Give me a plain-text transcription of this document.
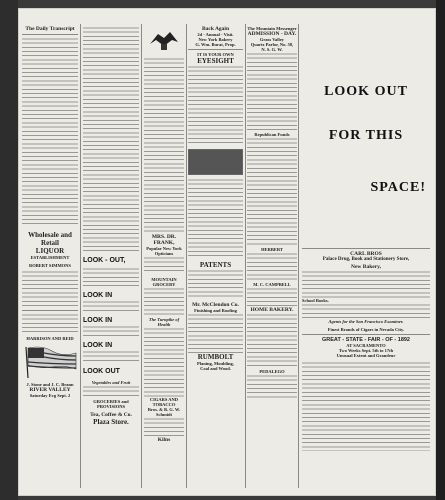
The Daily Transcript
Wholesale and Retail
LIQUOR
ESTABLISHMENT
ROBERT SIMMONS
HARRISON AND REID
J. Stone and J. C. Brann
RIVER VALLEY
Saturday Evg Sept. 2
LOOK - OUT,
LOOK IN
LOOK IN
LOOK IN
LOOK OUT
Vegetables and Fruit
GROCERIES and PROVISIONS
Tea, Coffee & Co.
Plaza Store.
MRS. DR. FRANK,
Popular New York Opticians
MOUNTAIN GROCERY
The Turnpike of Health
CIGARS AND TOBACCO
Bros. & B. G. W. Schmidt
Kilns
Back Again
2d - Annual - Visit.
New York Bakery
G. Wm. Burat, Prop.
IT IS YOUR OWN
EYESIGHT
PATENTS
Mr. McClendon Co.
Finishing and Roofing
RUMBOLT
Planing, Moulding,
Coal and Wood.
The Mountain Messenger
ADMISSION - DAY.
Grass Valley
Quartz Parlor, No. 58,
N. S. G. W.
Republican Funds
HERBERT
M. C. CAMPBELL
HOME BAKERY.
PEDALEGO
LOOK OUT
FOR THIS
SPACE!
CARL BROS
Palace Drug, Book and Stationery Store,
New Bakery,
School Books.
Agents for the San Francisco Examiner.
Finest Brands of Cigars in Nevada City.
GREAT - STATE - FAIR - OF - 1892
AT SACRAMENTO
Two Weeks Sept. 5th to 17th
Unusual Extent and Grandeur
